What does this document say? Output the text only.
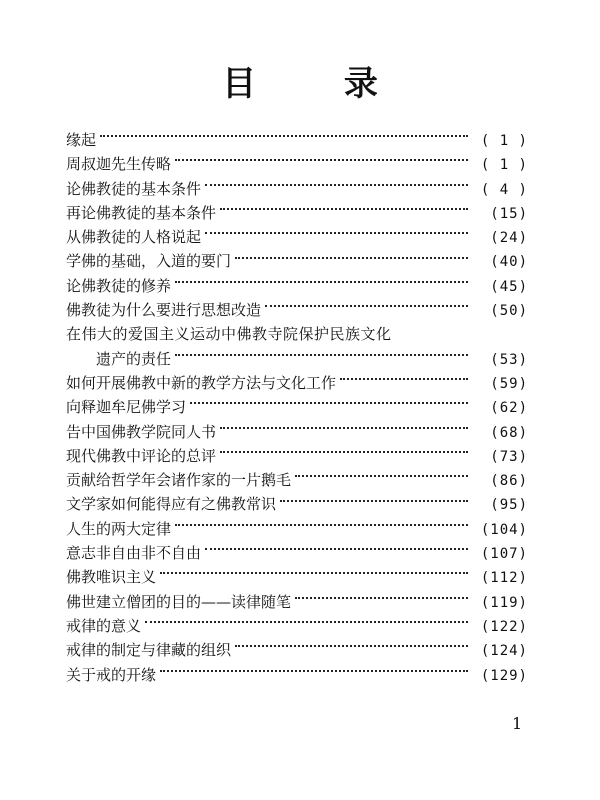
目 录
缘起	( 1 )
周叔迦先生传略	( 1 )
论佛教徒的基本条件	( 4 )
再论佛教徒的基本条件	(15)
从佛教徒的人格说起	(24)
学佛的基础，入道的要门	(40)
论佛教徒的修养	(45)
佛教徒为什么要进行思想改造	(50)
在伟大的爱国主义运动中佛教寺院保护民族文化
遗产的责任	(53)
如何开展佛教中新的教学方法与文化工作	(59)
向释迦牟尼佛学习	(62)
告中国佛教学院同人书	(68)
现代佛教中评论的总评	(73)
贡献给哲学年会诸作家的一片鹅毛	(86)
文学家如何能得应有之佛教常识	(95)
人生的两大定律	(104)
意志非自由非不自由	(107)
佛教唯识主义	(112)
佛世建立僧团的目的——读律随笔	(119)
戒律的意义	(122)
戒律的制定与律藏的组织	(124)
关于戒的开缘	(129)
1
